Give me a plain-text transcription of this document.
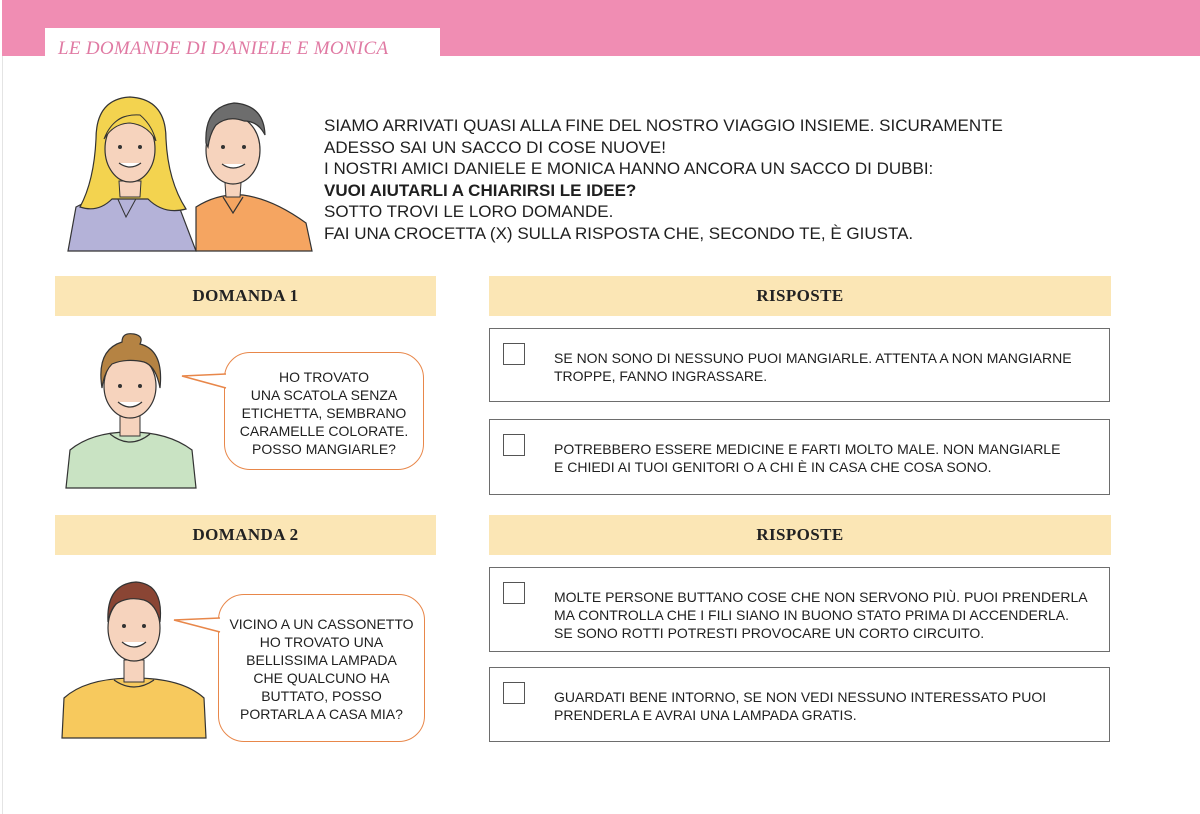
LE DOMANDE DI DANIELE E MONICA
SIAMO ARRIVATI QUASI ALLA FINE DEL NOSTRO VIAGGIO INSIEME. SICURAMENTE
ADESSO SAI UN SACCO DI COSE NUOVE!
I NOSTRI AMICI DANIELE E MONICA HANNO ANCORA UN SACCO DI DUBBI:
VUOI AIUTARLI A CHIARIRSI LE IDEE?
SOTTO TROVI LE LORO DOMANDE.
FAI UNA CROCETTA (X) SULLA RISPOSTA CHE, SECONDO TE, È GIUSTA.
DOMANDA 1	RISPOSTE
HO TROVATO
UNA SCATOLA SENZA
ETICHETTA, SEMBRANO
CARAMELLE COLORATE.
POSSO MANGIARLE?
SE NON SONO DI NESSUNO PUOI MANGIARLE. ATTENTA A NON MANGIARNE
TROPPE, FANNO INGRASSARE.
POTREBBERO ESSERE MEDICINE E FARTI MOLTO MALE. NON MANGIARLE
E CHIEDI AI TUOI GENITORI O A CHI È IN CASA CHE COSA SONO.
DOMANDA 2	RISPOSTE
VICINO A UN CASSONETTO
HO TROVATO UNA
BELLISSIMA LAMPADA
CHE QUALCUNO HA
BUTTATO, POSSO
PORTARLA A CASA MIA?
MOLTE PERSONE BUTTANO COSE CHE NON SERVONO PIÙ. PUOI PRENDERLA
MA CONTROLLA CHE I FILI SIANO IN BUONO STATO PRIMA DI ACCENDERLA.
SE SONO ROTTI POTRESTI PROVOCARE UN CORTO CIRCUITO.
GUARDATI BENE INTORNO, SE NON VEDI NESSUNO INTERESSATO PUOI
PRENDERLA E AVRAI UNA LAMPADA GRATIS.
